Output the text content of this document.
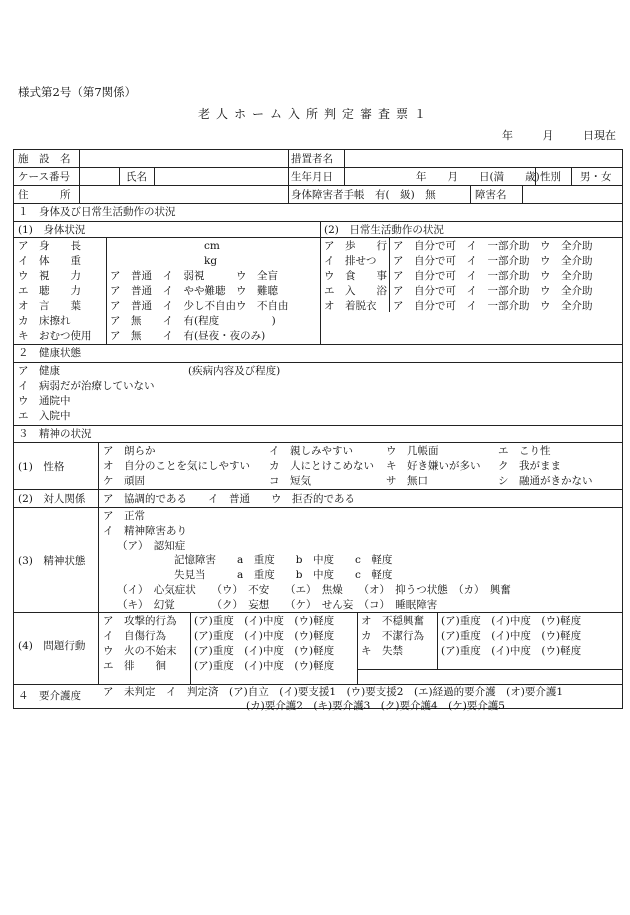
様式第2号（第7関係）
老人ホーム入所判定審査票１
年	月	日現在
施　設　名	措置者名
ケース番号	氏名	生年月日	年　　月　　日(満　　歳) 性別 男・女
住　　　所	身体障害者手帳　有(　級)　無	障害名
１　身体及び日常生活動作の状況
(1)　身体状況	(2)　日常生活動作の状況
ア　身　　長	cm
イ　体　　重	kg
ウ　視　　力	ア　普通　イ　弱視　　　ウ　全盲
エ　聴　　力	ア　普通　イ　やや難聴　ウ　難聴
オ　言　　葉	ア　普通　イ　少し不自由ウ　不自由
カ　床擦れ	ア　無　　イ　有(程度　　　　　)
キ　おむつ使用 ア　無　　イ　有(昼夜・夜のみ)
ア　歩　　行 ア　自分で可　イ　一部介助　ウ　全介助
イ　排せつ ア　自分で可　イ　一部介助　ウ　全介助
ウ　食　　事 ア　自分で可　イ　一部介助　ウ　全介助
エ　入　　浴 ア　自分で可　イ　一部介助　ウ　全介助
オ　着脱衣 ア　自分で可　イ　一部介助　ウ　全介助
２　健康状態
ア　健康	(疾病内容及び程度)
イ　病弱だが治療していない
ウ　通院中
エ　入院中
３　精神の状況
(1)　性格
ア　朗らか	イ　親しみやすい	ウ　几帳面	エ　こり性
オ　自分のことを気にしやすい カ　人にとけこめない キ　好き嫌いが多い ク　我がまま
ケ　頑固	コ　短気	サ　無口	シ　融通がきかない
(2)　対人関係 ア　協調的である　　イ　普通　　ウ　拒否的である
(3)　精神状態
ア　正常
イ　精神障害あり
（ア）　認知症
記憶障害　　a　重度　　b　中度　　c　軽度
失見当　　　a　重度　　b　中度　　c　軽度
（イ）　心気症状　　（ウ）　不安　　（エ）　焦燥　　（オ）　抑うつ状態　（カ）　興奮
（キ）　幻覚　　　　（ク）　妄想　　（ケ）　せん妄　（コ）　睡眠障害
(4)　問題行動
ア　攻撃的行為 (ア)重度　(イ)中度　(ウ)軽度
イ　自傷行為	(ア)重度　(イ)中度　(ウ)軽度
ウ　火の不始末 (ア)重度　(イ)中度　(ウ)軽度
エ　徘　　徊	(ア)重度　(イ)中度　(ウ)軽度
オ　不穏興奮 (ア)重度　(イ)中度　(ウ)軽度
カ　不潔行為 (ア)重度　(イ)中度　(ウ)軽度
キ　失禁	(ア)重度　(イ)中度　(ウ)軽度
４　要介護度 ア　未判定　イ　判定済　(ア)自立　(イ)要支援1　(ウ)要支援2　(エ)経過的要介護　(オ)要介護1
(カ)要介護2　(キ)要介護3　(ク)要介護4　(ケ)要介護5
